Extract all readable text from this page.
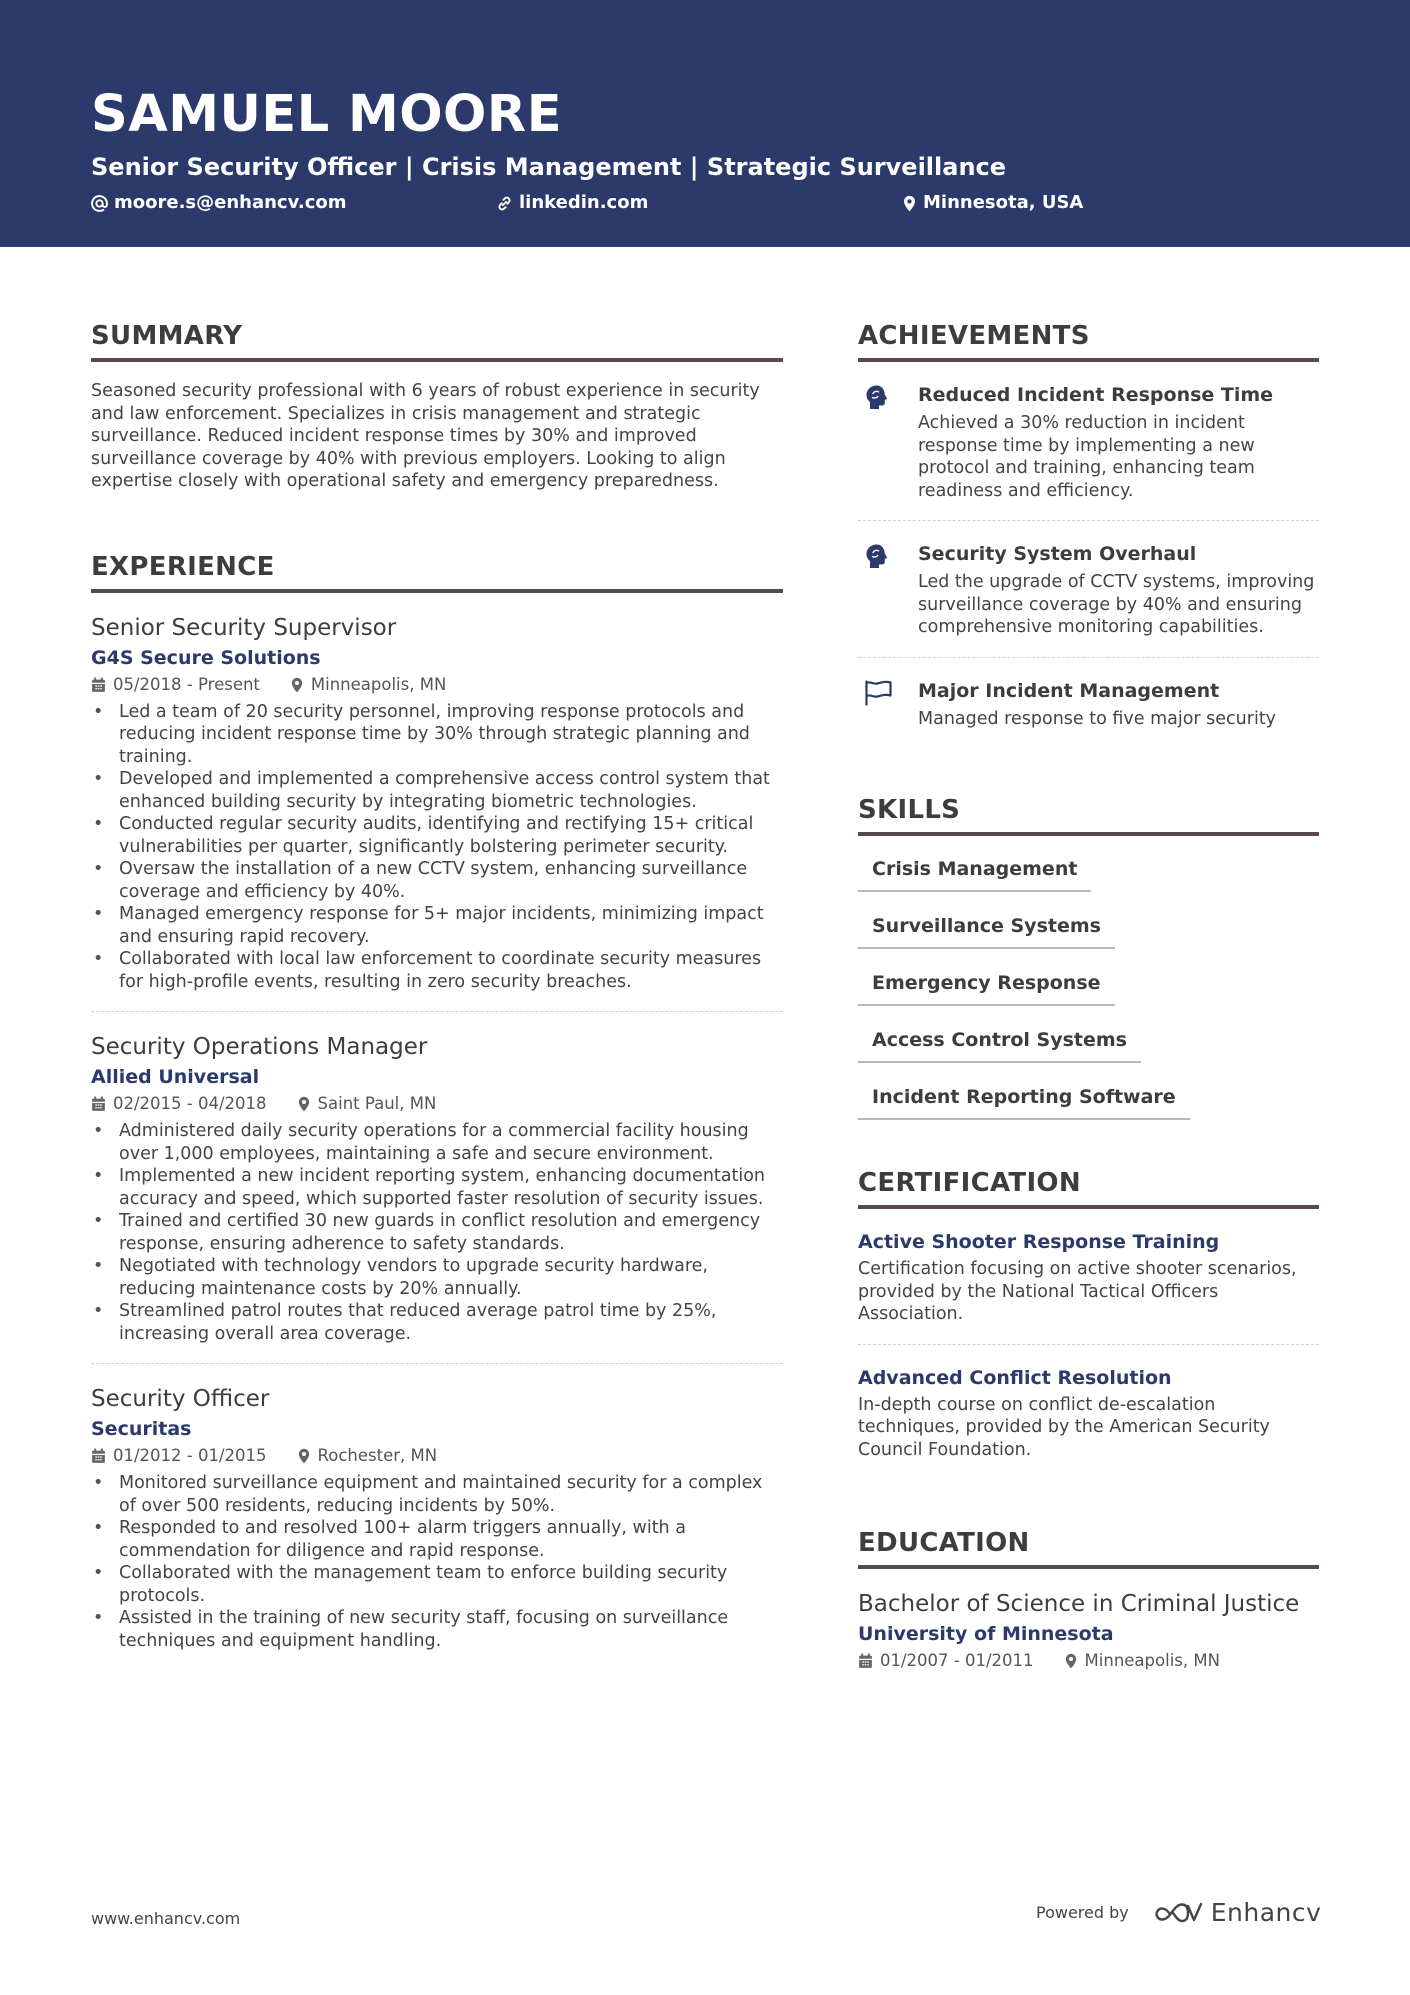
SAMUEL MOORE
Senior Security Officer | Crisis Management | Strategic Surveillance
moore.s@enhancv.com	linkedin.com	Minnesota, USA
SUMMARY

Seasoned security professional with 6 years of robust experience in security and law enforcement. Specializes in crisis management and strategic surveillance. Reduced incident response times by 30% and improved surveillance coverage by 40% with previous employers. Looking to align expertise closely with operational safety and emergency preparedness.

EXPERIENCE
Senior Security Supervisor
G4S Secure Solutions
05/2018 - Present	Minneapolis, MN
• Led a team of 20 security personnel, improving response protocols and reducing incident response time by 30% through strategic planning and training.
• Developed and implemented a comprehensive access control system that enhanced building security by integrating biometric technologies.
• Conducted regular security audits, identifying and rectifying 15+ critical vulnerabilities per quarter, significantly bolstering perimeter security.
• Oversaw the installation of a new CCTV system, enhancing surveillance coverage and efficiency by 40%.
• Managed emergency response for 5+ major incidents, minimizing impact and ensuring rapid recovery.
• Collaborated with local law enforcement to coordinate security measures for high-profile events, resulting in zero security breaches.
Security Operations Manager
Allied Universal
02/2015 - 04/2018	Saint Paul, MN
• Administered daily security operations for a commercial facility housing over 1,000 employees, maintaining a safe and secure environment.
• Implemented a new incident reporting system, enhancing documentation accuracy and speed, which supported faster resolution of security issues.
• Trained and certified 30 new guards in conflict resolution and emergency response, ensuring adherence to safety standards.
• Negotiated with technology vendors to upgrade security hardware, reducing maintenance costs by 20% annually.
• Streamlined patrol routes that reduced average patrol time by 25%, increasing overall area coverage.
Security Officer
Securitas
01/2012 - 01/2015	Rochester, MN
• Monitored surveillance equipment and maintained security for a complex of over 500 residents, reducing incidents by 50%.
• Responded to and resolved 100+ alarm triggers annually, with a commendation for diligence and rapid response.
• Collaborated with the management team to enforce building security protocols.
• Assisted in the training of new security staff, focusing on surveillance techniques and equipment handling.
ACHIEVEMENTS
Reduced Incident Response Time
Achieved a 30% reduction in incident response time by implementing a new protocol and training, enhancing team readiness and efficiency.
Security System Overhaul
Led the upgrade of CCTV systems, improving surveillance coverage by 40% and ensuring comprehensive monitoring capabilities.
Major Incident Management
Managed response to five major security
SKILLS
Crisis Management
Surveillance Systems
Emergency Response
Access Control Systems
Incident Reporting Software
CERTIFICATION
Active Shooter Response Training
Certification focusing on active shooter scenarios, provided by the National Tactical Officers Association.
Advanced Conflict Resolution
In-depth course on conflict de-escalation techniques, provided by the American Security Council Foundation.
EDUCATION
Bachelor of Science in Criminal Justice
University of Minnesota
01/2007 - 01/2011	Minneapolis, MN
www.enhancv.com	Powered by	Enhancv
